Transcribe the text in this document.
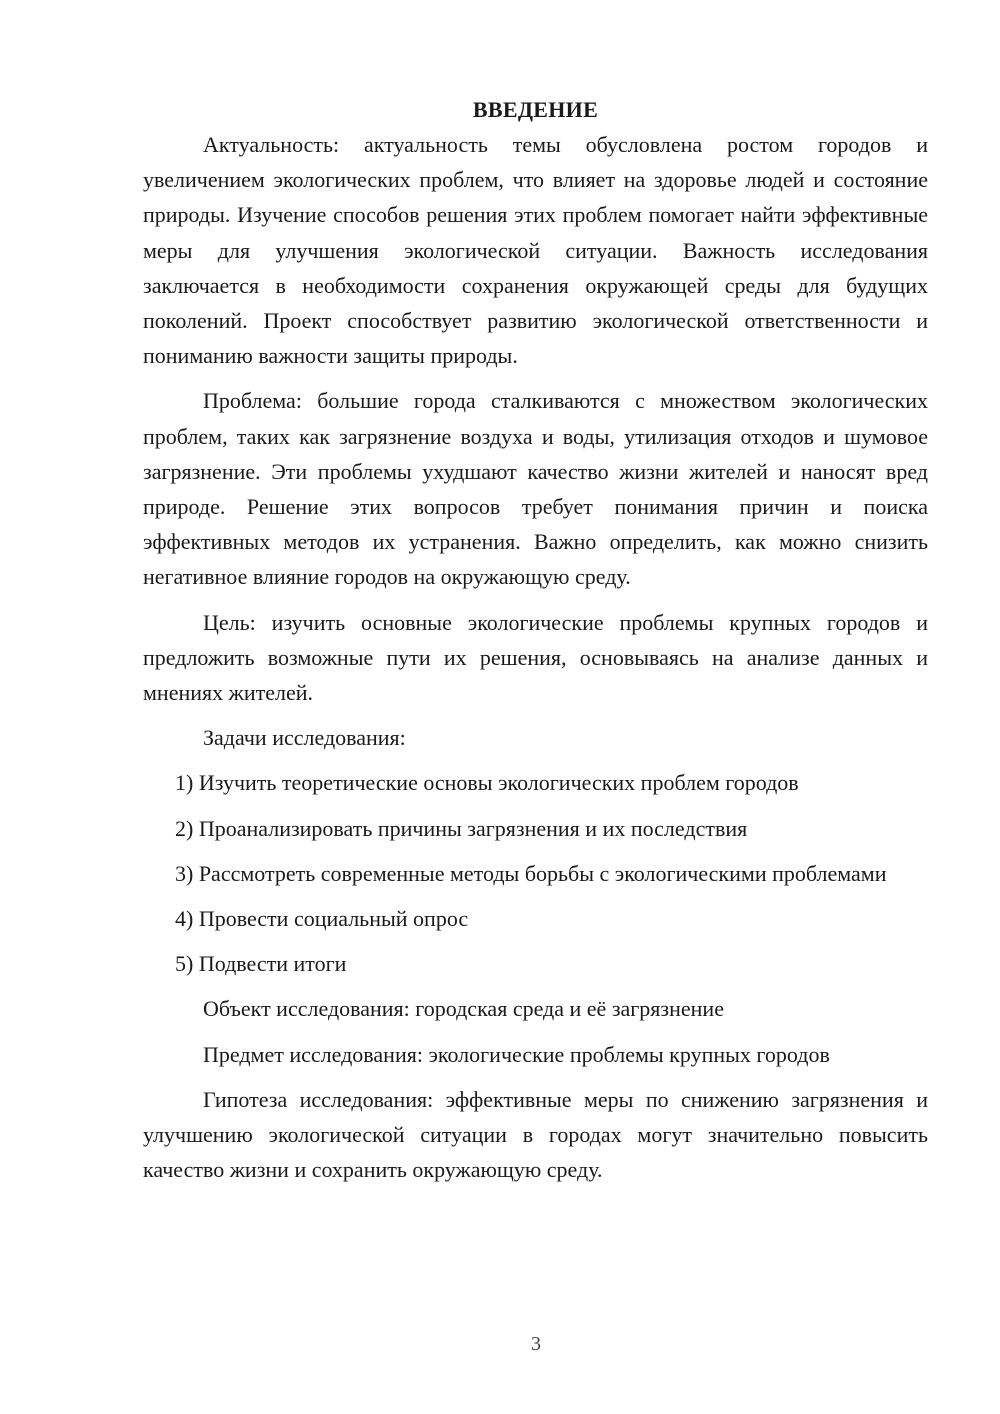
ВВЕДЕНИЕ

Актуальность: актуальность темы обусловлена ростом городов и увеличением экологических проблем, что влияет на здоровье людей и состояние природы. Изучение способов решения этих проблем помогает найти эффективные меры для улучшения экологической ситуации. Важность исследования заключается в необходимости сохранения окружающей среды для будущих поколений. Проект способствует развитию экологической ответственности и пониманию важности защиты природы.

Проблема: большие города сталкиваются с множеством экологических проблем, таких как загрязнение воздуха и воды, утилизация отходов и шумовое загрязнение. Эти проблемы ухудшают качество жизни жителей и наносят вред природе. Решение этих вопросов требует понимания причин и поиска эффективных методов их устранения. Важно определить, как можно снизить негативное влияние городов на окружающую среду.

Цель: изучить основные экологические проблемы крупных городов и предложить возможные пути их решения, основываясь на анализе данных и мнениях жителей.

Задачи исследования:

1) Изучить теоретические основы экологических проблем городов

2) Проанализировать причины загрязнения и их последствия

3) Рассмотреть современные методы борьбы с экологическими проблемами

4) Провести социальный опрос

5) Подвести итоги

Объект исследования: городская среда и её загрязнение

Предмет исследования: экологические проблемы крупных городов

Гипотеза исследования: эффективные меры по снижению загрязнения и улучшению экологической ситуации в городах могут значительно повысить качество жизни и сохранить окружающую среду.

3
